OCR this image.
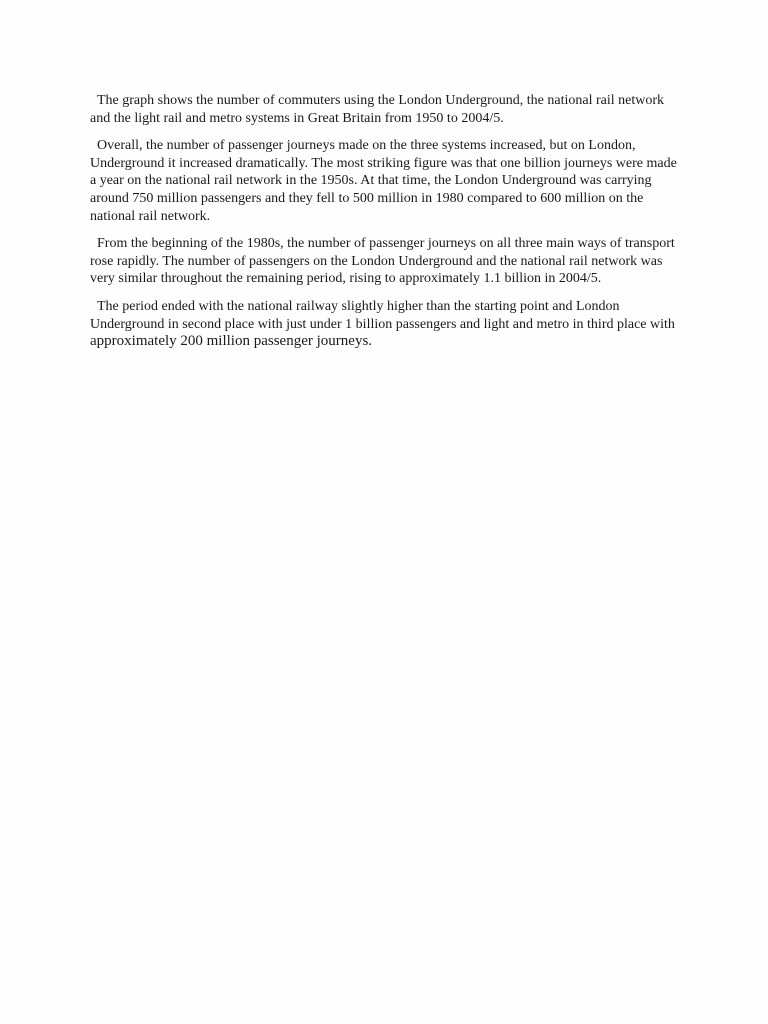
The graph shows the number of commuters using the London Underground, the national rail network and the light rail and metro systems in Great Britain from 1950 to 2004/5.

Overall, the number of passenger journeys made on the three systems increased, but on London, Underground it increased dramatically. The most striking figure was that one billion journeys were made a year on the national rail network in the 1950s. At that time, the London Underground was carrying around 750 million passengers and they fell to 500 million in 1980 compared to 600 million on the national rail network.

From the beginning of the 1980s, the number of passenger journeys on all three main ways of transport rose rapidly. The number of passengers on the London Underground and the national rail network was very similar throughout the remaining period, rising to approximately 1.1 billion in 2004/5.

The period ended with the national railway slightly higher than the starting point and London Underground in second place with just under 1 billion passengers and light and metro in third place with approximately 200 million passenger journeys.
